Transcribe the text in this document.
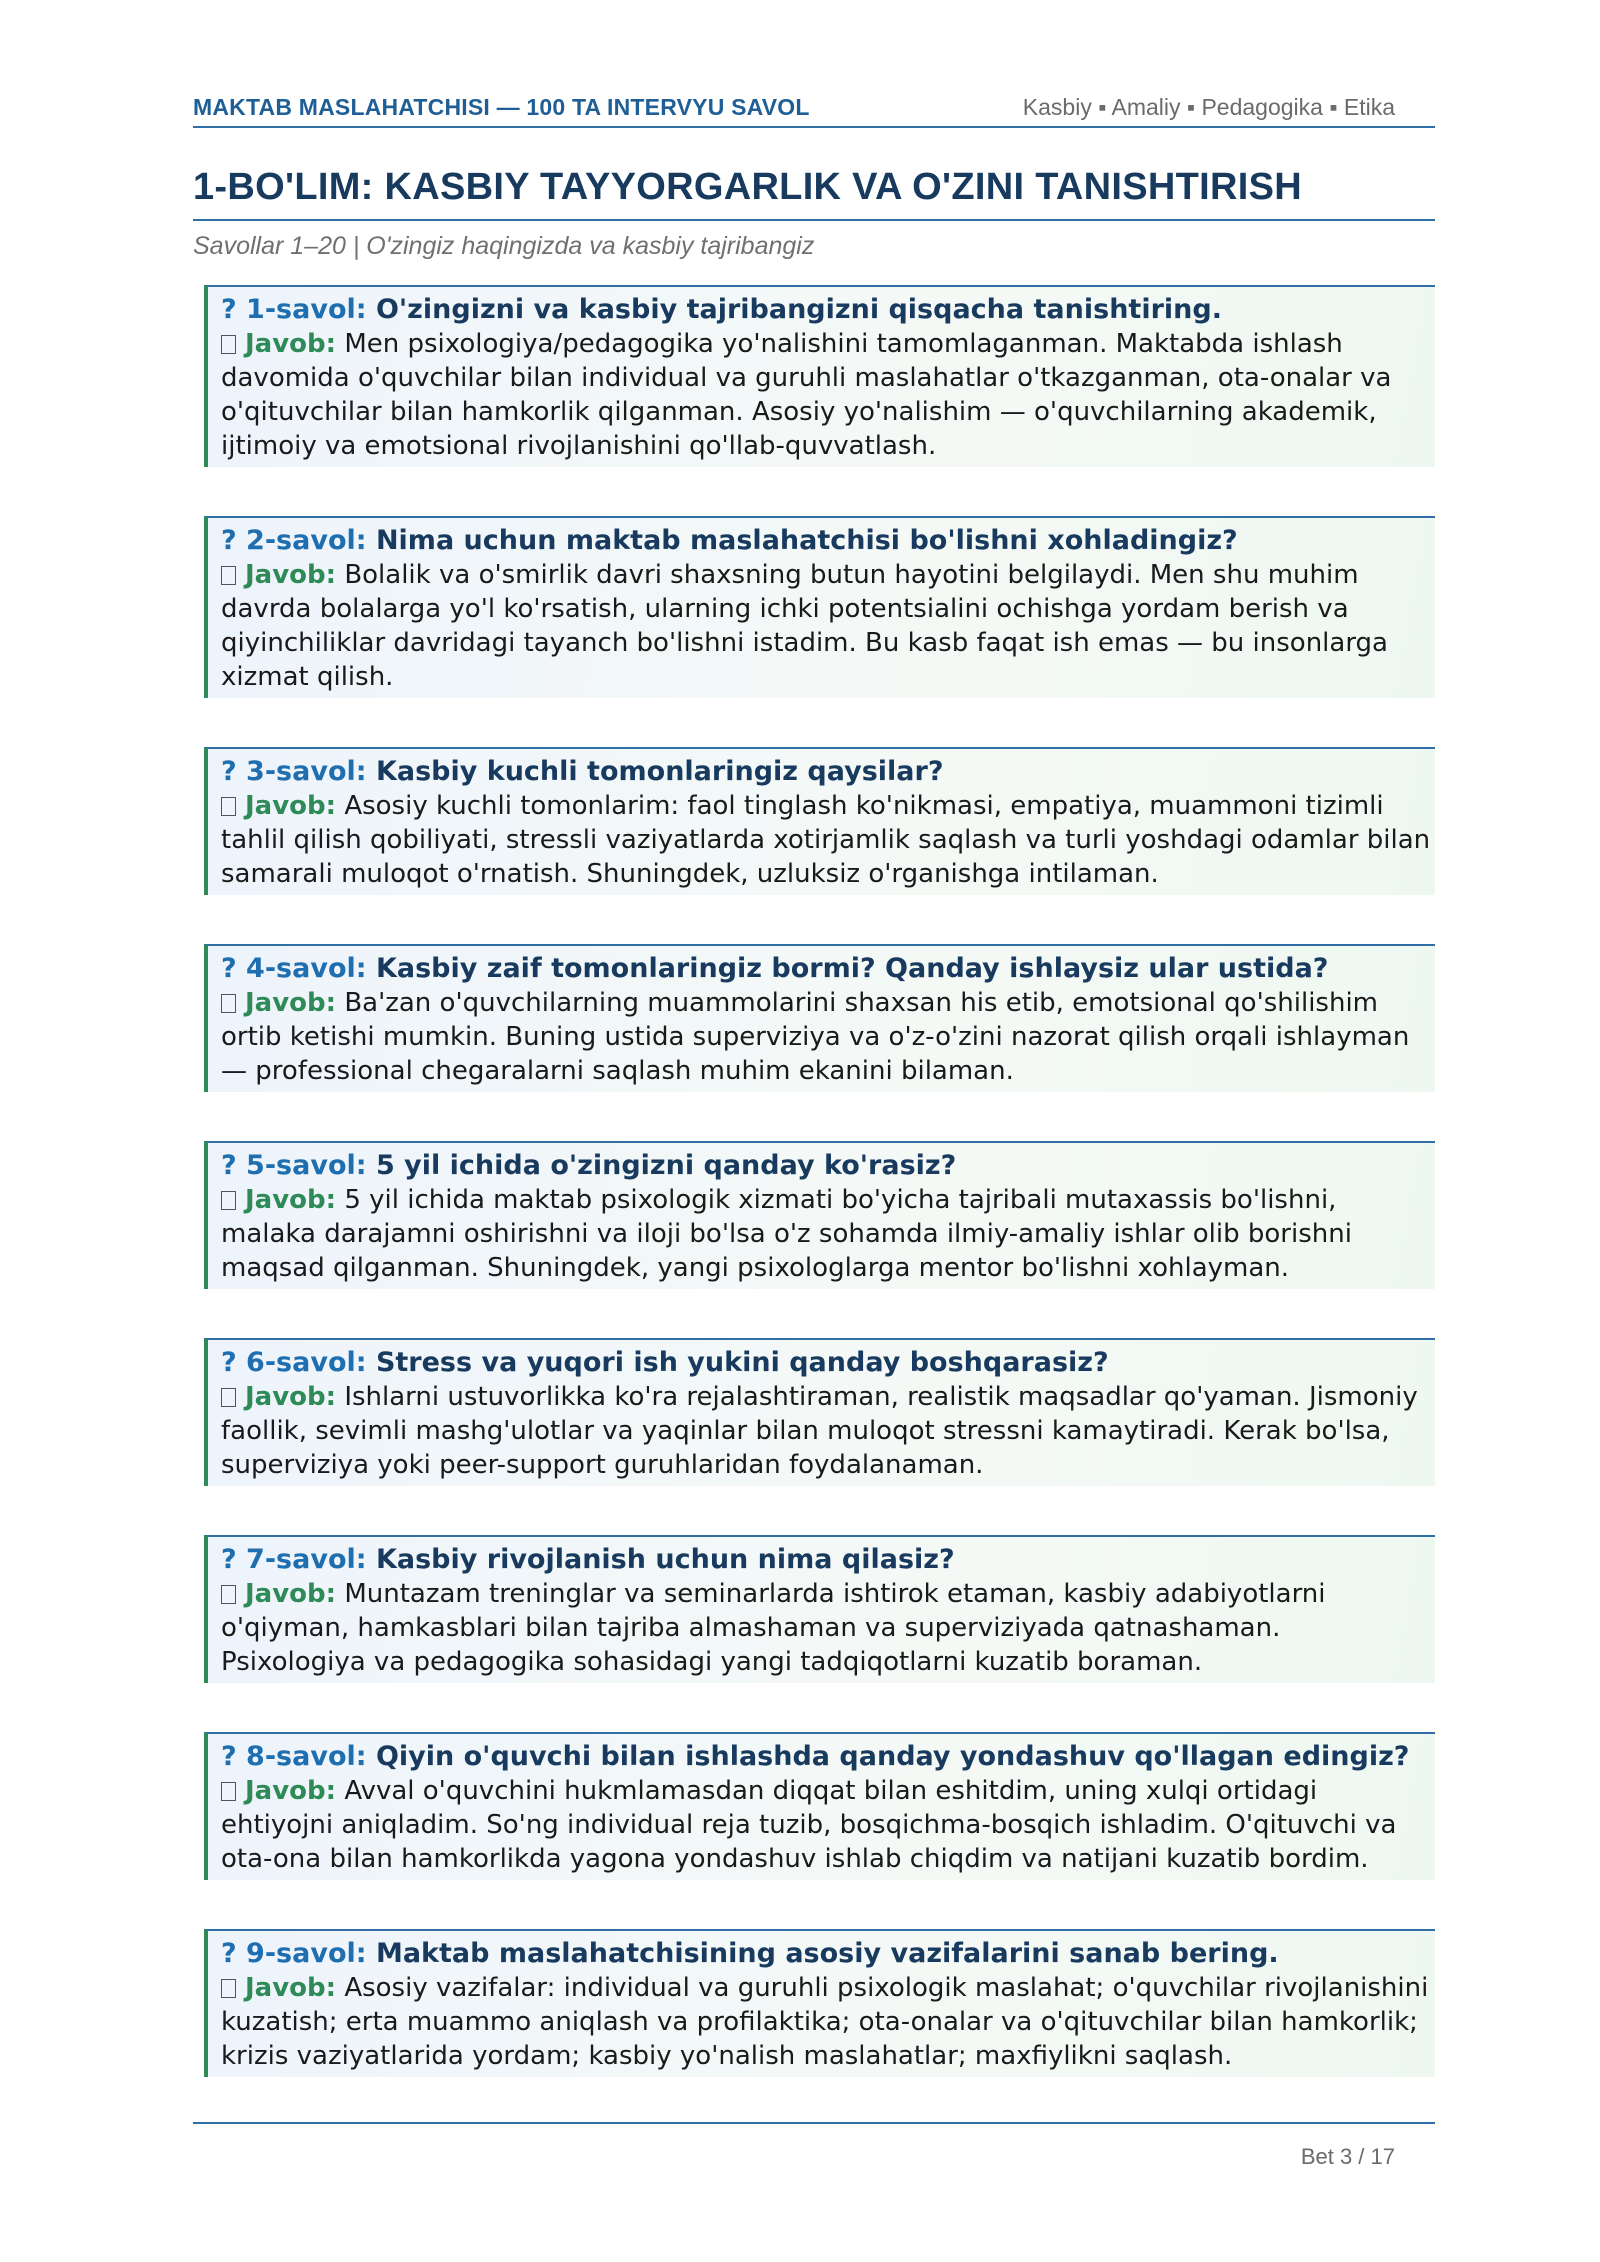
MAKTAB MASLAHATCHISI — 100 TA INTERVYU SAVOL	Kasbiy ▪ Amaliy ▪ Pedagogika ▪ Etika
1-BO'LIM: KASBIY TAYYORGARLIK VA O'ZINI TANISHTIRISH
Savollar 1–20 | O'zingiz haqingizda va kasbiy tajribangiz
? 1-savol: O'zingizni va kasbiy tajribangizni qisqacha tanishtiring.
Javob: Men psixologiya/pedagogika yo'nalishini tamomlaganman. Maktabda ishlash davomida o'quvchilar bilan individual va guruhli maslahatlar o'tkazganman, ota-onalar va o'qituvchilar bilan hamkorlik qilganman. Asosiy yo'nalishim — o'quvchilarning akademik, ijtimoiy va emotsional rivojlanishini qo'llab-quvvatlash.
? 2-savol: Nima uchun maktab maslahatchisi bo'lishni xohladingiz?
Javob: Bolalik va o'smirlik davri shaxsning butun hayotini belgilaydi. Men shu muhim davrda bolalarga yo'l ko'rsatish, ularning ichki potentsialini ochishga yordam berish va qiyinchiliklar davridagi tayanch bo'lishni istadim. Bu kasb faqat ish emas — bu insonlarga xizmat qilish.
? 3-savol: Kasbiy kuchli tomonlaringiz qaysilar?
Javob: Asosiy kuchli tomonlarim: faol tinglash ko'nikmasi, empatiya, muammoni tizimli tahlil qilish qobiliyati, stressli vaziyatlarda xotirjamlik saqlash va turli yoshdagi odamlar bilan samarali muloqot o'rnatish. Shuningdek, uzluksiz o'rganishga intilaman.
? 4-savol: Kasbiy zaif tomonlaringiz bormi? Qanday ishlaysiz ular ustida?
Javob: Ba'zan o'quvchilarning muammolarini shaxsan his etib, emotsional qo'shilishim ortib ketishi mumkin. Buning ustida superviziya va o'z-o'zini nazorat qilish orqali ishlayman — professional chegaralarni saqlash muhim ekanini bilaman.
? 5-savol: 5 yil ichida o'zingizni qanday ko'rasiz?
Javob: 5 yil ichida maktab psixologik xizmati bo'yicha tajribali mutaxassis bo'lishni, malaka darajamni oshirishni va iloji bo'lsa o'z sohamda ilmiy-amaliy ishlar olib borishni maqsad qilganman. Shuningdek, yangi psixologlarga mentor bo'lishni xohlayman.
? 6-savol: Stress va yuqori ish yukini qanday boshqarasiz?
Javob: Ishlarni ustuvorlikka ko'ra rejalashtiraman, realistik maqsadlar qo'yaman. Jismoniy faollik, sevimli mashg'ulotlar va yaqinlar bilan muloqot stressni kamaytiradi. Kerak bo'lsa, superviziya yoki peer-support guruhlaridan foydalanaman.
? 7-savol: Kasbiy rivojlanish uchun nima qilasiz?
Javob: Muntazam treninglar va seminarlarda ishtirok etaman, kasbiy adabiyotlarni o'qiyman, hamkasblari bilan tajriba almashaman va superviziyada qatnashaman. Psixologiya va pedagogika sohasidagi yangi tadqiqotlarni kuzatib boraman.
? 8-savol: Qiyin o'quvchi bilan ishlashda qanday yondashuv qo'llagan edingiz?
Javob: Avval o'quvchini hukmlamasdan diqqat bilan eshitdim, uning xulqi ortidagi ehtiyojni aniqladim. So'ng individual reja tuzib, bosqichma-bosqich ishladim. O'qituvchi va ota-ona bilan hamkorlikda yagona yondashuv ishlab chiqdim va natijani kuzatib bordim.
? 9-savol: Maktab maslahatchisining asosiy vazifalarini sanab bering.
Javob: Asosiy vazifalar: individual va guruhli psixologik maslahat; o'quvchilar rivojlanishini kuzatish; erta muammo aniqlash va profilaktika; ota-onalar va o'qituvchilar bilan hamkorlik; krizis vaziyatlarida yordam; kasbiy yo'nalish maslahatlar; maxfiylikni saqlash.
Bet 3 / 17
